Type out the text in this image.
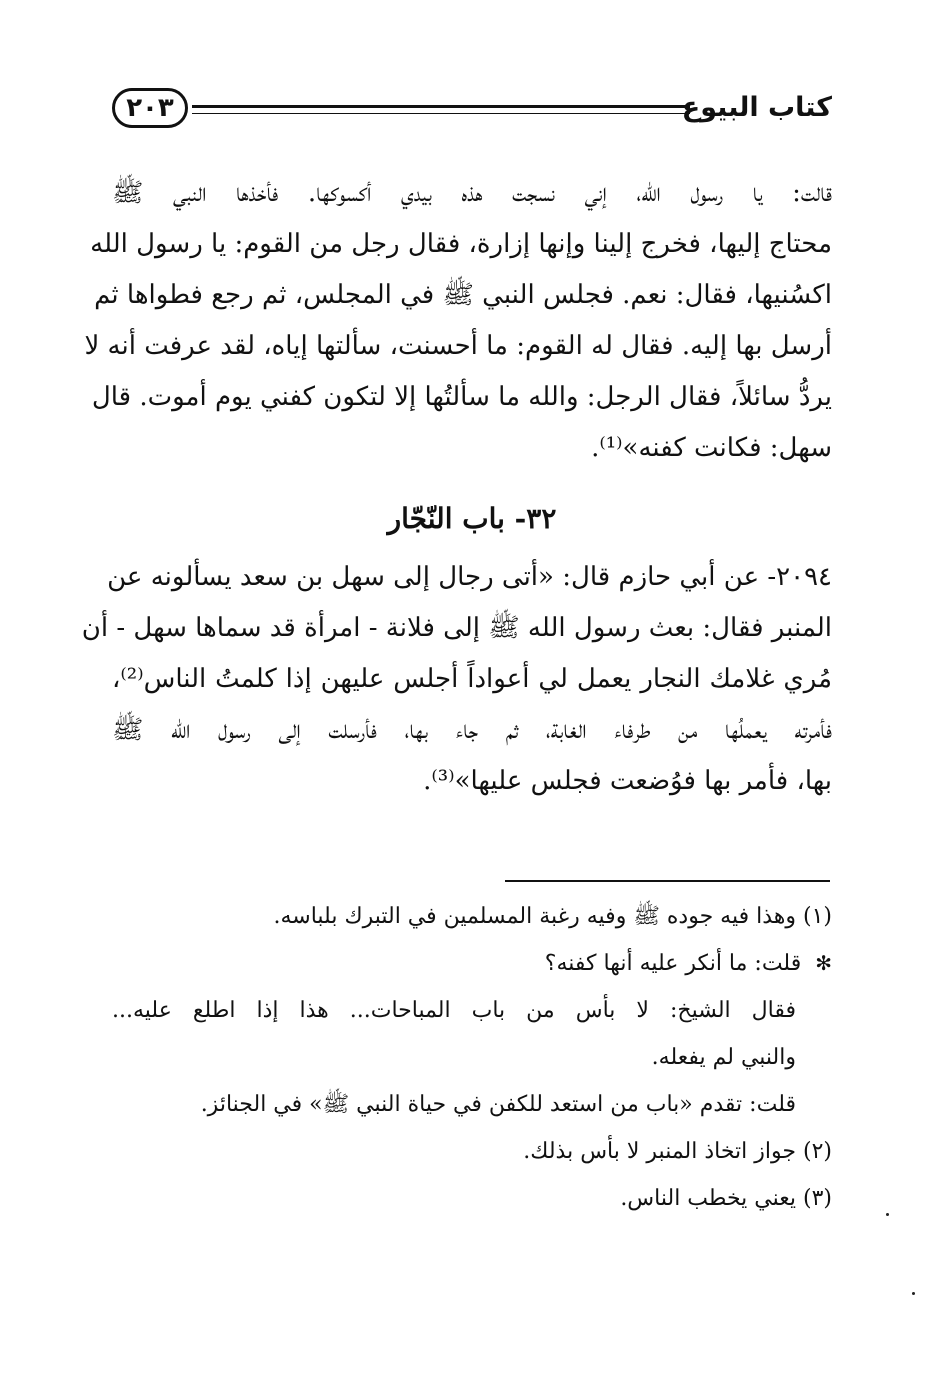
كتاب البيوع
٢٠٣
قالت: يا رسول الله، إني نسجت هذه بيدي أكسوكها. فأخذها النبي ﷺ
محتاج إليها، فخرج إلينا وإنها إزارة، فقال رجل من القوم: يا رسول الله
اكسُنيها، فقال: نعم. فجلس النبي ﷺ في المجلس، ثم رجع فطواها ثم
أرسل بها إليه. فقال له القوم: ما أحسنت، سألتها إياه، لقد عرفت أنه لا
يردُّ سائلاً، فقال الرجل: والله ما سألتُها إلا لتكون كفني يوم أموت. قال
سهل: فكانت كفنه»⁽¹⁾.
٣٢- باب النّجّار
٢٠٩٤- عن أبي حازم قال: «أتى رجال إلى سهل بن سعد يسألونه عن
المنبر فقال: بعث رسول الله ﷺ إلى فلانة - امرأة قد سماها سهل - أن
مُري غلامك النجار يعمل لي أعواداً أجلس عليهن إذا كلمتُ الناس⁽²⁾،
فأمرته يعملُها من طرفاء الغابة، ثم جاء بها، فأرسلت إلى رسول الله ﷺ
بها، فأمر بها فوُضعت فجلس عليها»⁽³⁾.
(١) وهذا فيه جوده ﷺ وفيه رغبة المسلمين في التبرك بلباسه.
✻  قلت: ما أنكر عليه أنها كفنه؟
فقال الشيخ: لا بأس من باب المباحات... هذا إذا اطلع عليه...
والنبي لم يفعله.
قلت: تقدم «باب من استعد للكفن في حياة النبي ﷺ» في الجنائز.
(٢) جواز اتخاذ المنبر لا بأس بذلك.
(٣) يعني يخطب الناس.
